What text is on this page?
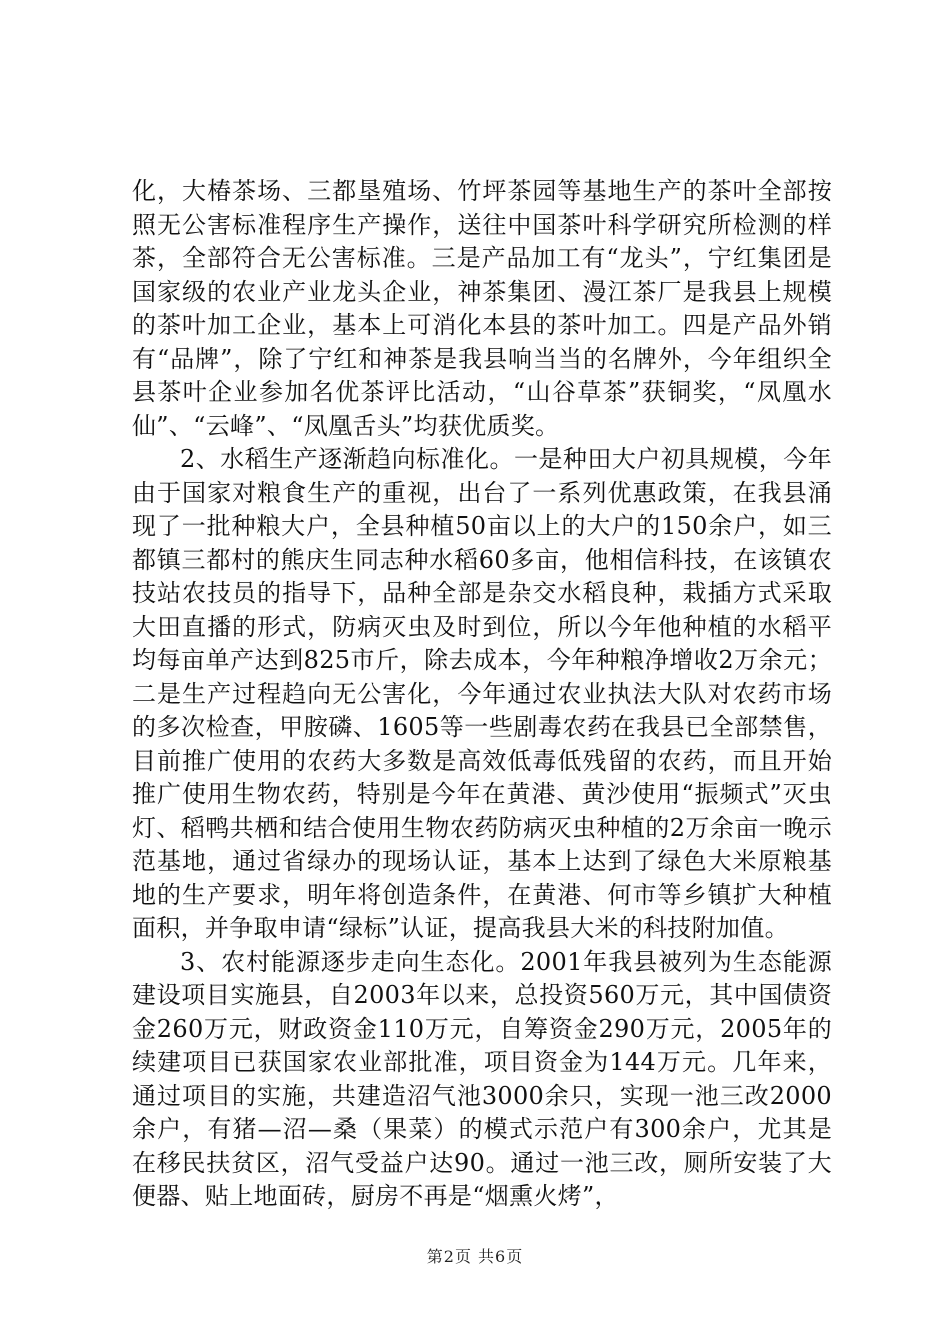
化，大椿茶场、三都垦殖场、竹坪茶园等基地生产的茶叶全部按照无公害标准程序生产操作，送往中国茶叶科学研究所检测的样茶，全部符合无公害标准。三是产品加工有“龙头”，宁红集团是国家级的农业产业龙头企业，神茶集团、漫江茶厂是我县上规模的茶叶加工企业，基本上可消化本县的茶叶加工。四是产品外销有“品牌”，除了宁红和神茶是我县响当当的名牌外，今年组织全县茶叶企业参加名优茶评比活动，“山谷草茶”获铜奖，“凤凰水仙”、“云峰”、“凤凰舌头”均获优质奖。

2、水稻生产逐渐趋向标准化。一是种田大户初具规模，今年由于国家对粮食生产的重视，出台了一系列优惠政策，在我县涌现了一批种粮大户，全县种植50亩以上的大户的150余户，如三都镇三都村的熊庆生同志种水稻60多亩，他相信科技，在该镇农技站农技员的指导下，品种全部是杂交水稻良种，栽插方式采取大田直播的形式，防病灭虫及时到位，所以今年他种植的水稻平均每亩单产达到825市斤，除去成本，今年种粮净增收2万余元；二是生产过程趋向无公害化，今年通过农业执法大队对农药市场的多次检查，甲胺磷、1605等一些剧毒农药在我县已全部禁售，目前推广使用的农药大多数是高效低毒低残留的农药，而且开始推广使用生物农药，特别是今年在黄港、黄沙使用“振频式”灭虫灯、稻鸭共栖和结合使用生物农药防病灭虫种植的2万余亩一晚示范基地，通过省绿办的现场认证，基本上达到了绿色大米原粮基地的生产要求，明年将创造条件，在黄港、何市等乡镇扩大种植面积，并争取申请“绿标”认证，提高我县大米的科技附加值。

3、农村能源逐步走向生态化。2001年我县被列为生态能源建设项目实施县，自2003年以来，总投资560万元，其中国债资金260万元，财政资金110万元，自筹资金290万元，2005年的续建项目已获国家农业部批准，项目资金为144万元。几年来，通过项目的实施，共建造沼气池3000余只，实现一池三改2000余户，有猪—沼—桑（果菜）的模式示范户有300余户，尤其是在移民扶贫区，沼气受益户达90。通过一池三改，厕所安装了大便器、贴上地面砖，厨房不再是“烟熏火烤”，

第2页 共6页
